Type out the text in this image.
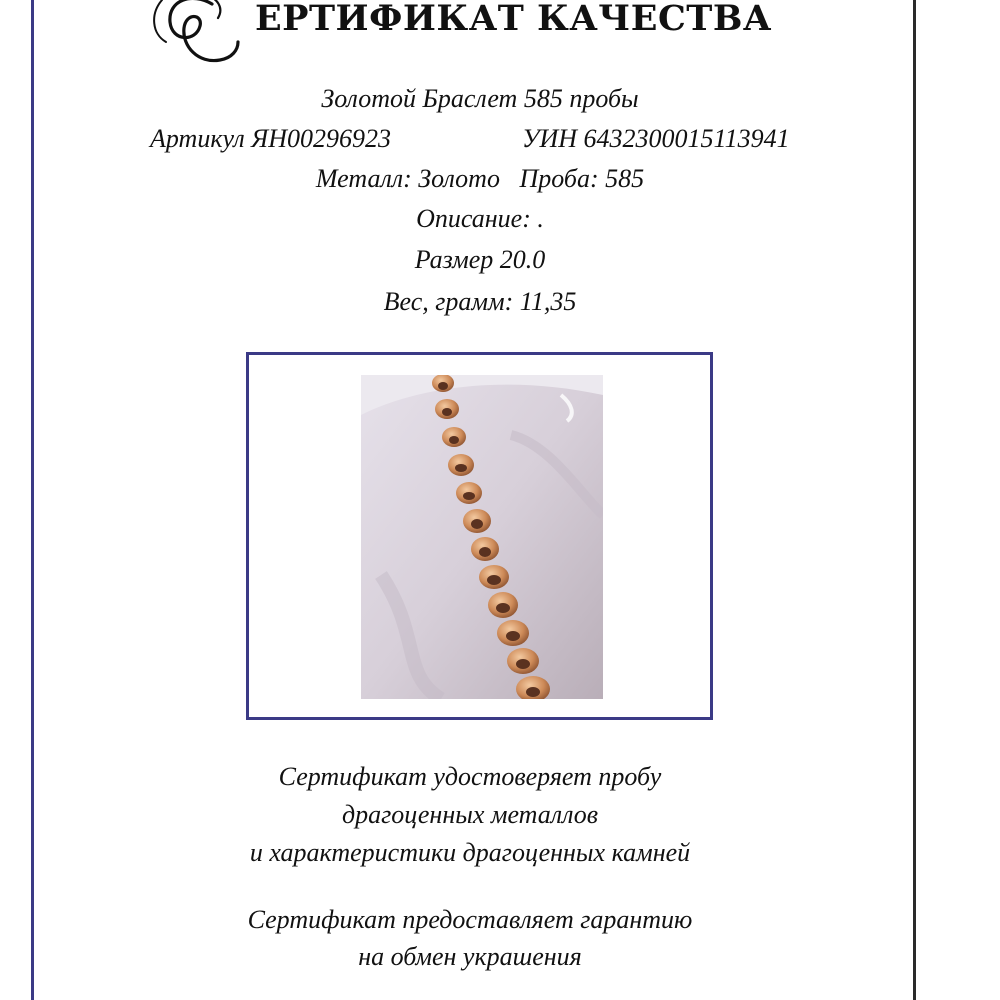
ЕРТИФИКАТ КАЧЕСТВА
Золотой Браслет 585 пробы
Артикул ЯН00296923	УИН 6432300015113941
Металл: Золото   Проба: 585
Описание: .
Размер 20.0
Вес, грамм: 11,35
Сертификат удостоверяет пробу
драгоценных металлов
и характеристики драгоценных камней
Сертификат предоставляет гарантию
на обмен украшения
